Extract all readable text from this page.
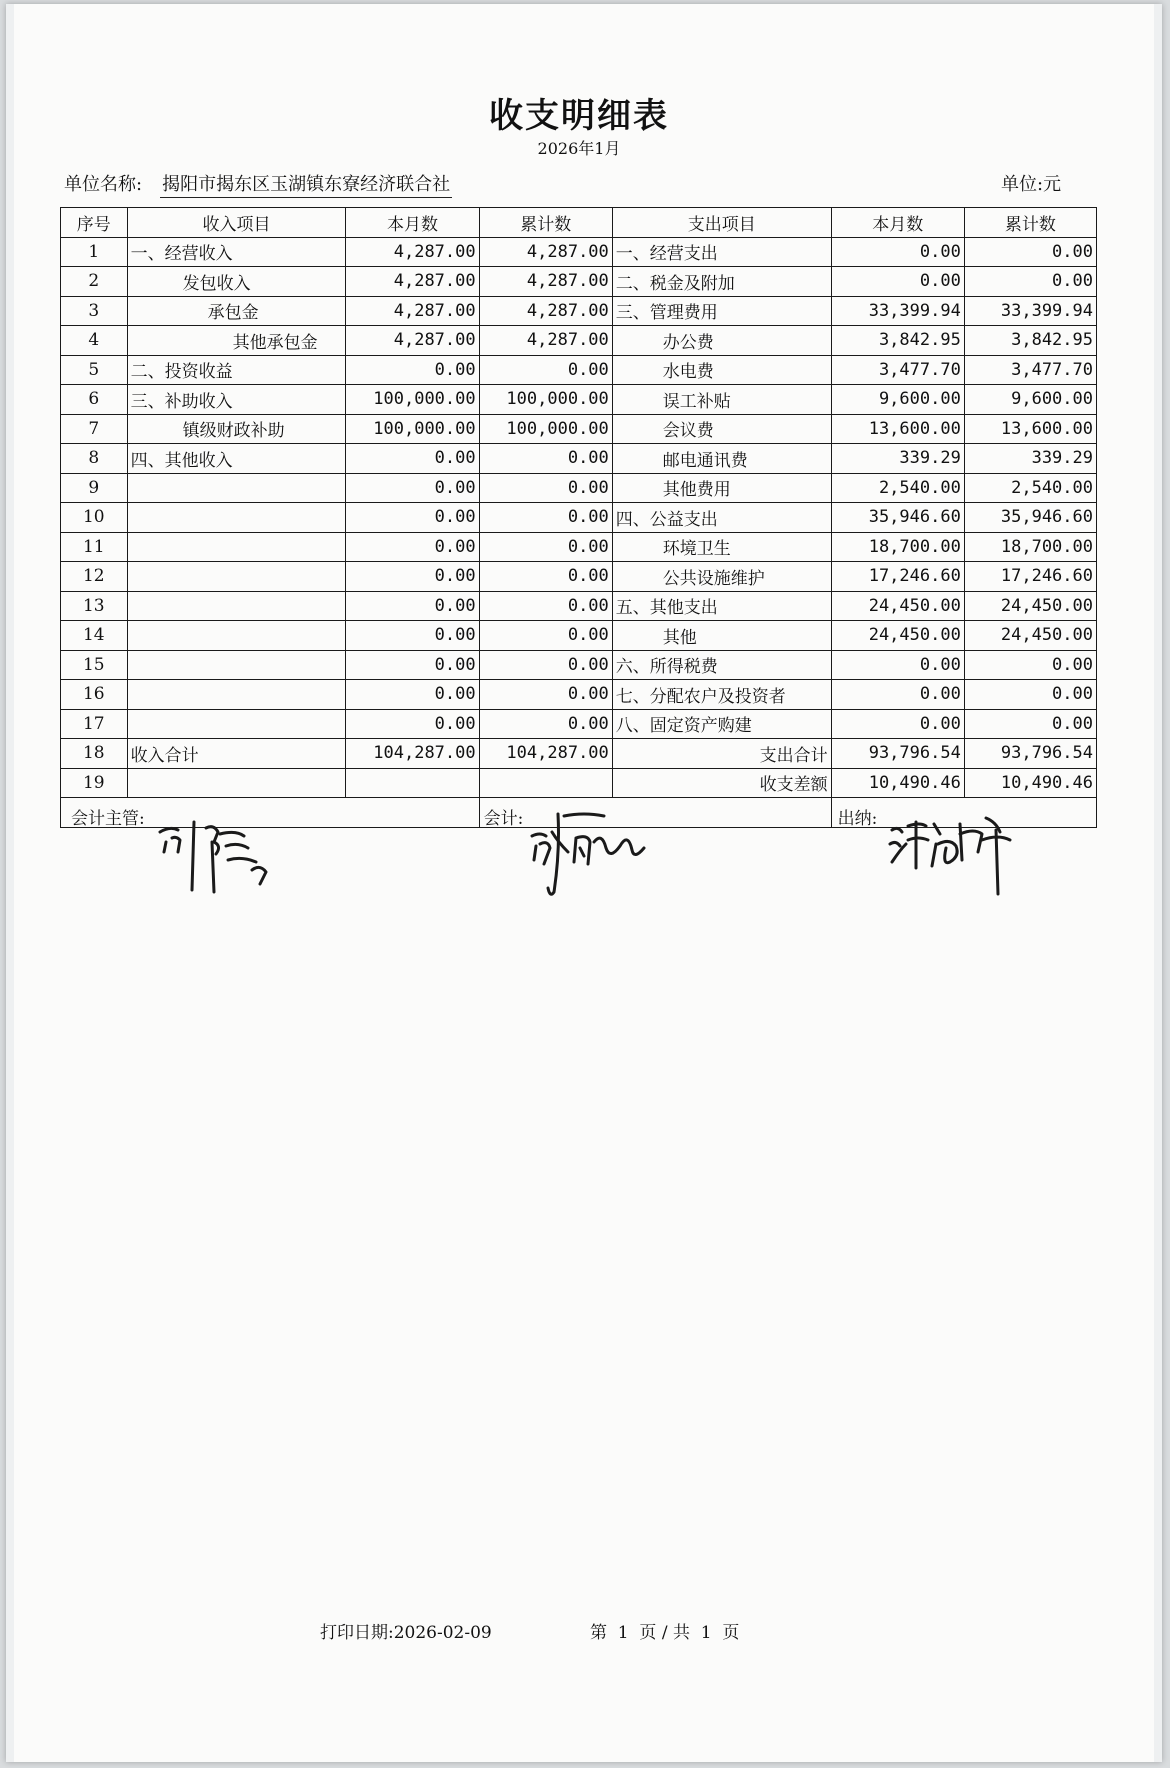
收支明细表
2026年1月
单位名称: 揭阳市揭东区玉湖镇东寮经济联合社	单位:元
序号	收入项目	本月数	累计数	支出项目	本月数	累计数
1	一、经营收入	4,287.00	4,287.00	一、经营支出	0.00	0.00
2	发包收入	4,287.00	4,287.00	二、税金及附加	0.00	0.00
3	承包金	4,287.00	4,287.00	三、管理费用	33,399.94	33,399.94
4	其他承包金	4,287.00	4,287.00	办公费	3,842.95	3,842.95
5	二、投资收益	0.00	0.00	水电费	3,477.70	3,477.70
6	三、补助收入	100,000.00	100,000.00	误工补贴	9,600.00	9,600.00
7	镇级财政补助	100,000.00	100,000.00	会议费	13,600.00	13,600.00
8	四、其他收入	0.00	0.00	邮电通讯费	339.29	339.29
9		0.00	0.00	其他费用	2,540.00	2,540.00
10		0.00	0.00	四、公益支出	35,946.60	35,946.60
11		0.00	0.00	环境卫生	18,700.00	18,700.00
12		0.00	0.00	公共设施维护	17,246.60	17,246.60
13		0.00	0.00	五、其他支出	24,450.00	24,450.00
14		0.00	0.00	其他	24,450.00	24,450.00
15		0.00	0.00	六、所得税费	0.00	0.00
16		0.00	0.00	七、分配农户及投资者	0.00	0.00
17		0.00	0.00	八、固定资产购建	0.00	0.00
18	收入合计	104,287.00	104,287.00	支出合计	93,796.54	93,796.54
19				收支差额	10,490.46	10,490.46

会计主管:			会计:		出纳:	
打印日期:2026-02-09	第  1  页 / 共  1  页
